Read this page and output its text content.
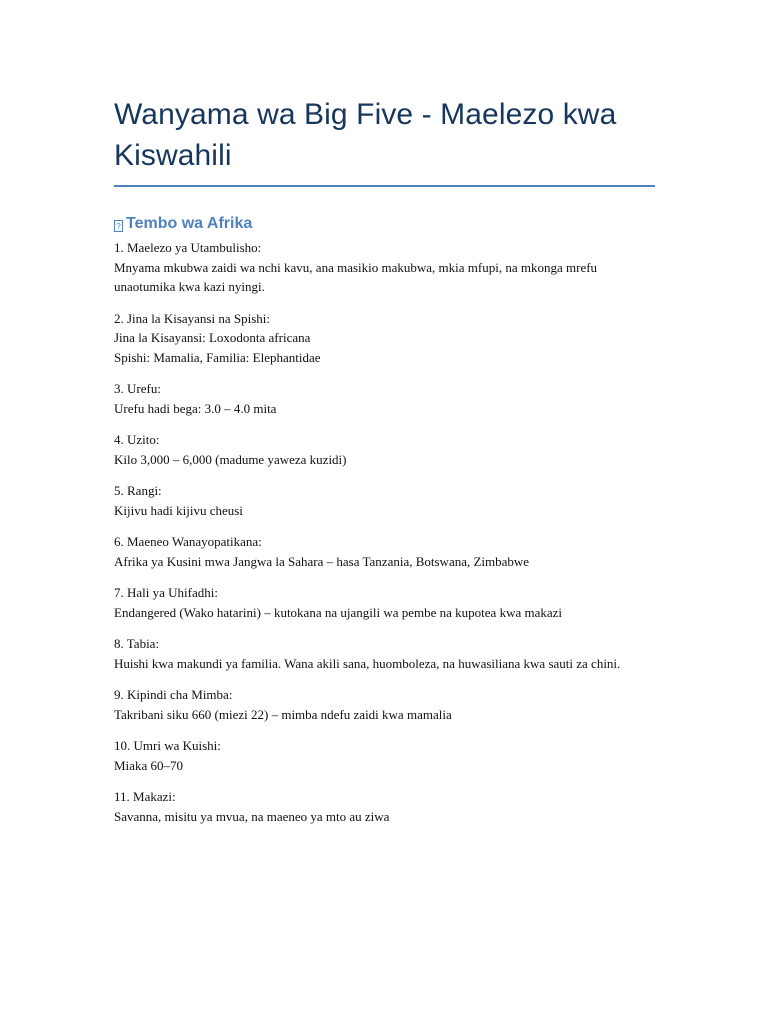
Wanyama wa Big Five - Maelezo kwa Kiswahili
? Tembo wa Afrika

1. Maelezo ya Utambulisho:

Mnyama mkubwa zaidi wa nchi kavu, ana masikio makubwa, mkia mfupi, na mkonga mrefu unaotumika kwa kazi nyingi.

2. Jina la Kisayansi na Spishi:

Jina la Kisayansi: Loxodonta africana

Spishi: Mamalia, Familia: Elephantidae

3. Urefu:

Urefu hadi bega: 3.0 – 4.0 mita

4. Uzito:

Kilo 3,000 – 6,000 (madume yaweza kuzidi)

5. Rangi:

Kijivu hadi kijivu cheusi

6. Maeneo Wanayopatikana:

Afrika ya Kusini mwa Jangwa la Sahara – hasa Tanzania, Botswana, Zimbabwe

7. Hali ya Uhifadhi:

Endangered (Wako hatarini) – kutokana na ujangili wa pembe na kupotea kwa makazi

8. Tabia:

Huishi kwa makundi ya familia. Wana akili sana, huomboleza, na huwasiliana kwa sauti za chini.

9. Kipindi cha Mimba:

Takribani siku 660 (miezi 22) – mimba ndefu zaidi kwa mamalia

10. Umri wa Kuishi:

Miaka 60–70

11. Makazi:

Savanna, misitu ya mvua, na maeneo ya mto au ziwa
